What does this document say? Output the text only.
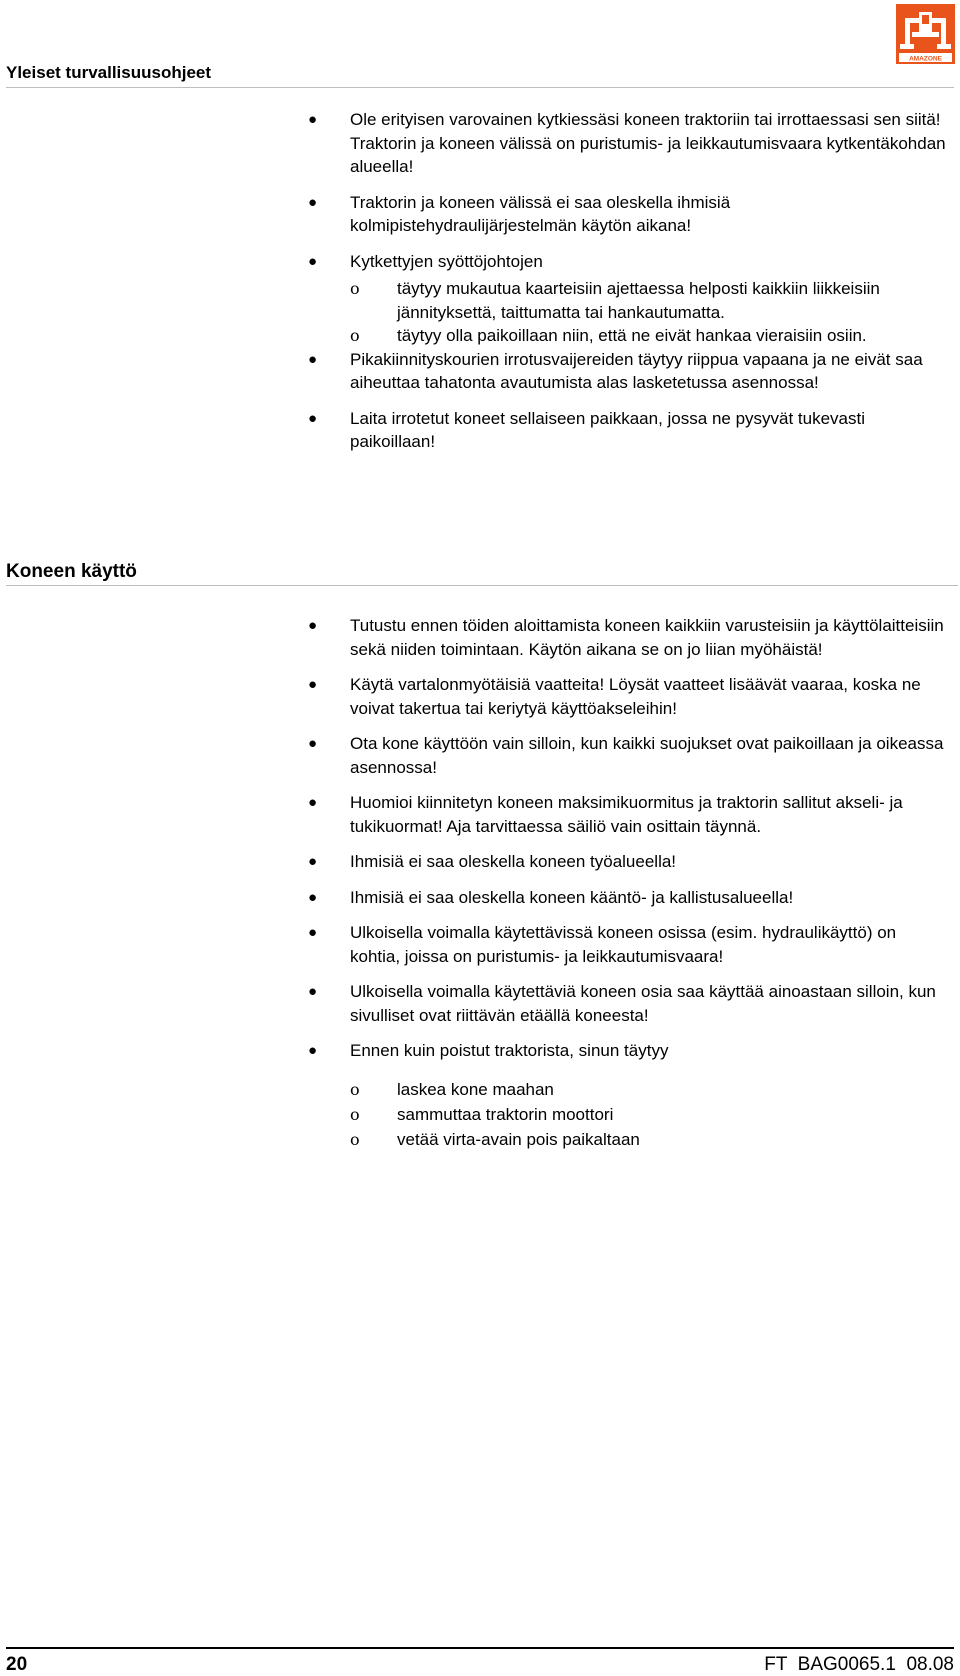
Yleiset turvallisuusohjeet
AMAZONE
● Ole erityisen varovainen kytkiessäsi koneen traktoriin tai irrottaessasi sen siitä! Traktorin ja koneen välissä on puristumis- ja leikkautumisvaara kytkentäkohdan alueella!
● Traktorin ja koneen välissä ei saa oleskella ihmisiä kolmipistehydraulijärjestelmän käytön aikana!
● Kytkettyjen syöttöjohtojen
o täytyy mukautua kaarteisiin ajettaessa helposti kaikkiin liikkeisiin jännityksettä, taittumatta tai hankautumatta.
o täytyy olla paikoillaan niin, että ne eivät hankaa vieraisiin osiin.
● Pikakiinnityskourien irrotusvaijereiden täytyy riippua vapaana ja ne eivät saa aiheuttaa tahatonta avautumista alas lasketetussa asennossa!
● Laita irrotetut koneet sellaiseen paikkaan, jossa ne pysyvät tukevasti paikoillaan!
Koneen käyttö
● Tutustu ennen töiden aloittamista koneen kaikkiin varusteisiin ja käyttölaitteisiin sekä niiden toimintaan. Käytön aikana se on jo liian myöhäistä!
● Käytä vartalonmyötäisiä vaatteita! Löysät vaatteet lisäävät vaaraa, koska ne voivat takertua tai keriytyä käyttöakseleihin!
● Ota kone käyttöön vain silloin, kun kaikki suojukset ovat paikoillaan ja oikeassa asennossa!
● Huomioi kiinnitetyn koneen maksimikuormitus ja traktorin sallitut akseli- ja tukikuormat! Aja tarvittaessa säiliö vain osittain täynnä.
● Ihmisiä ei saa oleskella koneen työalueella!
● Ihmisiä ei saa oleskella koneen kääntö- ja kallistusalueella!
● Ulkoisella voimalla käytettävissä koneen osissa (esim. hydraulikäyttö) on kohtia, joissa on puristumis- ja leikkautumisvaara!
● Ulkoisella voimalla käytettäviä koneen osia saa käyttää ainoastaan silloin, kun sivulliset ovat riittävän etäällä koneesta!
● Ennen kuin poistut traktorista, sinun täytyy
o laskea kone maahan
o sammuttaa traktorin moottori
o vetää virta-avain pois paikaltaan
20	FT  BAG0065.1  08.08
